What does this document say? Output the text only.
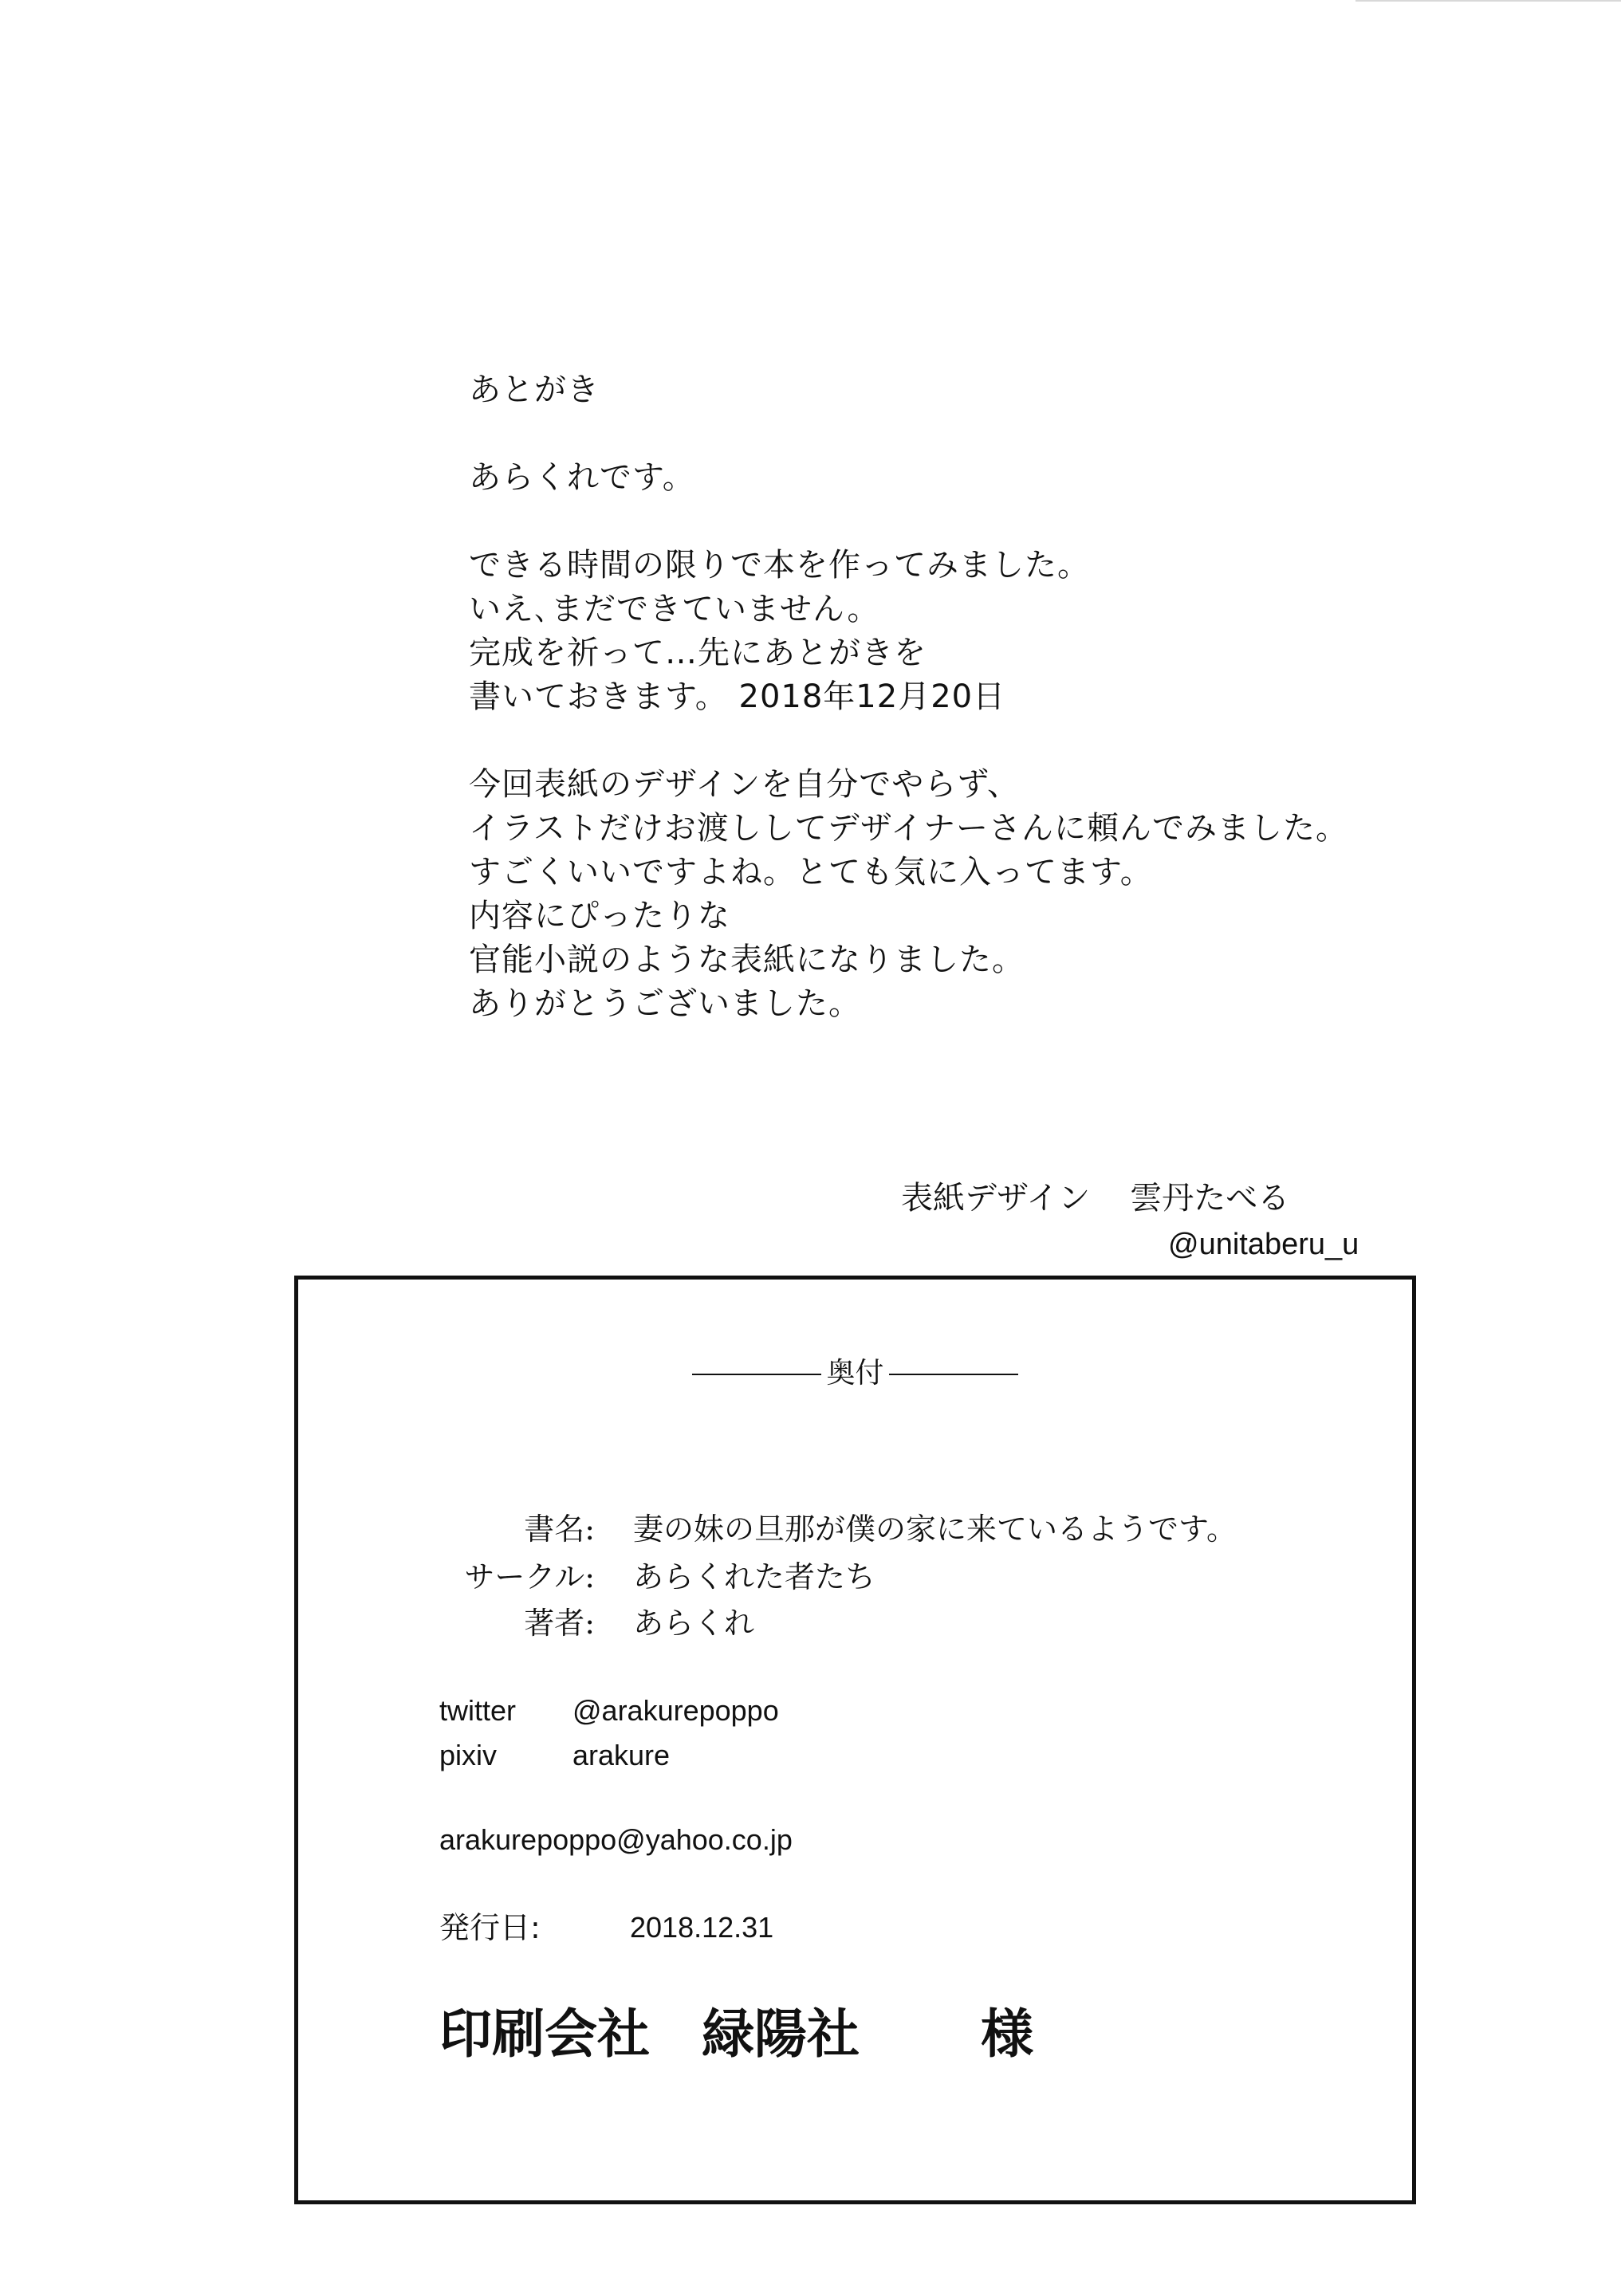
あとがき
あらくれです。
できる時間の限りで本を作ってみました。
いえ､まだできていません。
完成を祈って…先にあとがきを
書いておきます。 2018年12月20日
今回表紙のデザインを自分でやらず、
イラストだけお渡ししてデザイナーさんに頼んでみました。
すごくいいですよね。とても気に入ってます。
内容にぴったりな
官能小説のような表紙になりました。
ありがとうございました。
表紙デザイン 雲丹たべる
@unitaberu_u
奥付
書名: 妻の妹の旦那が僕の家に来ているようです。
サークル: あらくれた者たち
著者: あらくれ
twitter @arakurepoppo
pixiv	arakure
arakurepoppo@yahoo.co.jp
発行日:	2018.12.31
印刷会社 緑陽社 様
